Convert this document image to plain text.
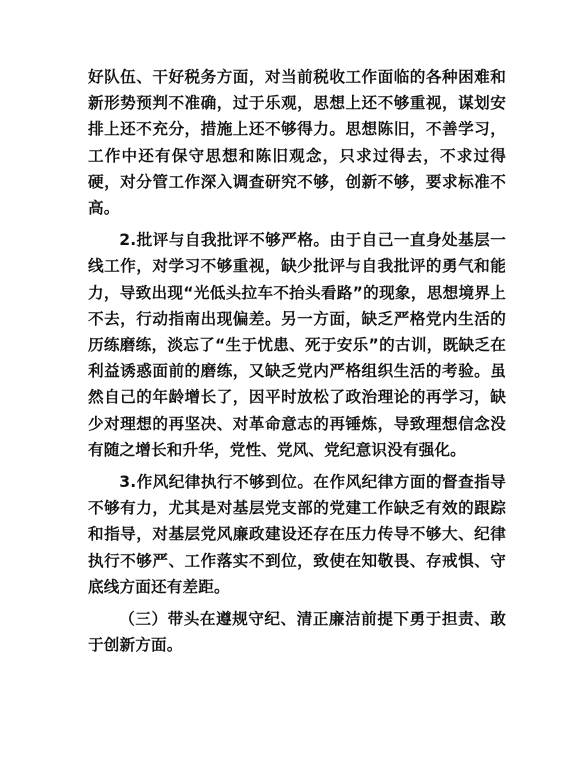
好队伍、干好税务方面，对当前税收工作面临的各种困难和新形势预判不准确，过于乐观，思想上还不够重视，谋划安排上还不充分，措施上还不够得力。思想陈旧，不善学习，工作中还有保守思想和陈旧观念，只求过得去，不求过得硬，对分管工作深入调查研究不够，创新不够，要求标准不高。

2.批评与自我批评不够严格。由于自己一直身处基层一线工作，对学习不够重视，缺少批评与自我批评的勇气和能力，导致出现“光低头拉车不抬头看路”的现象，思想境界上不去，行动指南出现偏差。另一方面，缺乏严格党内生活的历练磨练，淡忘了“生于忧患、死于安乐”的古训，既缺乏在利益诱惑面前的磨练，又缺乏党内严格组织生活的考验。虽然自己的年龄增长了，因平时放松了政治理论的再学习，缺少对理想的再坚决、对革命意志的再锤炼，导致理想信念没有随之增长和升华，党性、党风、党纪意识没有强化。

3.作风纪律执行不够到位。在作风纪律方面的督查指导不够有力，尤其是对基层党支部的党建工作缺乏有效的跟踪和指导，对基层党风廉政建设还存在压力传导不够大、纪律执行不够严、工作落实不到位，致使在知敬畏、存戒惧、守底线方面还有差距。

（三）带头在遵规守纪、清正廉洁前提下勇于担责、敢于创新方面。
